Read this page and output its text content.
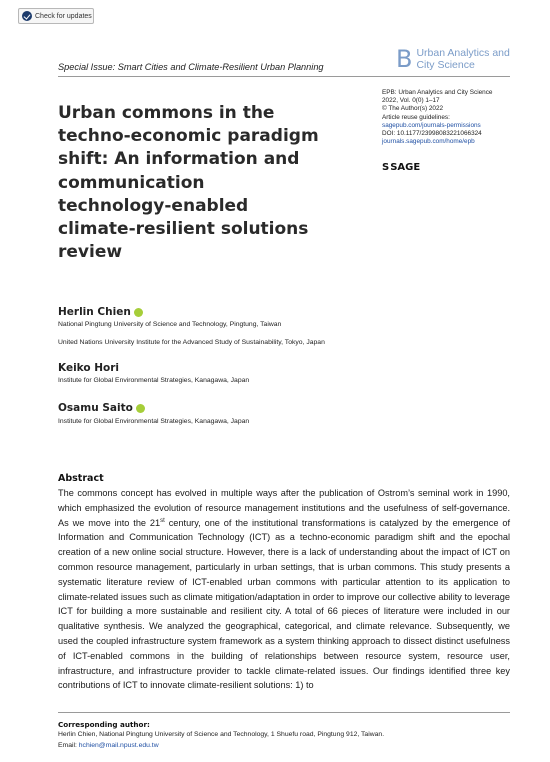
Check for updates
Special Issue: Smart Cities and Climate-Resilient Urban Planning	B Urban Analytics and
City Science
Urban commons in the
techno-economic paradigm
shift: An information and
communication
technology-enabled
climate-resilient solutions
review
EPB: Urban Analytics and City Science
2022, Vol. 0(0) 1–17
© The Author(s) 2022
Article reuse guidelines:
sagepub.com/journals-permissions
DOI: 10.1177/23998083221066324
journals.sagepub.com/home/epb
S SAGE
Herlin Chien
National Pingtung University of Science and Technology, Pingtung, Taiwan
United Nations University Institute for the Advanced Study of Sustainability, Tokyo, Japan
Keiko Hori
Institute for Global Environmental Strategies, Kanagawa, Japan
Osamu Saito
Institute for Global Environmental Strategies, Kanagawa, Japan
Abstract

The commons concept has evolved in multiple ways after the publication of Ostrom’s seminal work in 1990, which emphasized the evolution of resource management institutions and the usefulness of self-governance. As we move into the 21st century, one of the institutional transformations is catalyzed by the emergence of Information and Communication Technology (ICT) as a techno-economic paradigm shift and the epochal creation of a new online social structure. However, there is a lack of understanding about the impact of ICT on common resource management, particularly in urban settings, that is urban commons. This study presents a systematic literature review of ICT-enabled urban commons with particular attention to its application to climate-related issues such as climate mitigation/adaptation in order to improve our collective ability to leverage ICT for building a more sustainable and resilient city. A total of 66 pieces of literature were included in our qualitative synthesis. We analyzed the geographical, categorical, and climate relevance. Subsequently, we used the coupled infrastructure system framework as a system thinking approach to dissect distinct usefulness of ICT-enabled commons in the building of relationships between resource system, resource user, infrastructure, and infrastructure provider to tackle climate-related issues. Our findings identified three key contributions of ICT to innovate climate-resilient solutions: 1) to

Corresponding author:
Herlin Chien, National Pingtung University of Science and Technology, 1 Shuefu road, Pingtung 912, Taiwan.
Email: hchien@mail.npust.edu.tw
